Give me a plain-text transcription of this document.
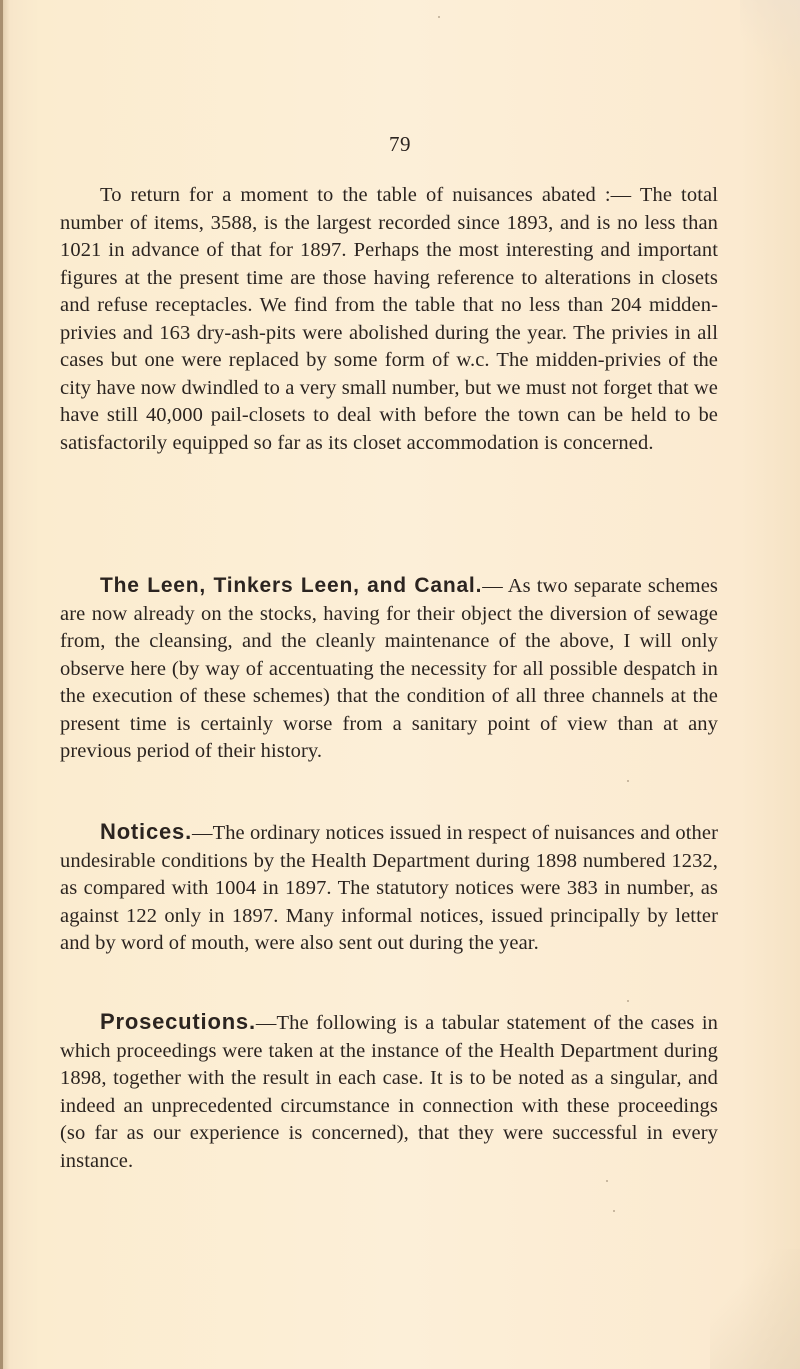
79

To return for a moment to the table of nuisances abated :— The total number of items, 3588, is the largest recorded since 1893, and is no less than 1021 in advance of that for 1897. Perhaps the most interesting and important figures at the present time are those having reference to alterations in closets and refuse receptacles. We find from the table that no less than 204 midden-privies and 163 dry-ash-pits were abolished during the year. The privies in all cases but one were replaced by some form of w.c. The midden-privies of the city have now dwindled to a very small number, but we must not forget that we have still 40,000 pail-closets to deal with before the town can be held to be satisfactorily equipped so far as its closet accommodation is concerned.

The Leen, Tinkers Leen, and Canal.— As two separate schemes are now already on the stocks, having for their object the diversion of sewage from, the cleansing, and the cleanly maintenance of the above, I will only observe here (by way of accentuating the necessity for all possible despatch in the execution of these schemes) that the condition of all three channels at the present time is certainly worse from a sanitary point of view than at any previous period of their history.

Notices.—The ordinary notices issued in respect of nuisances and other undesirable conditions by the Health Department during 1898 numbered 1232, as compared with 1004 in 1897. The statutory notices were 383 in number, as against 122 only in 1897. Many informal notices, issued principally by letter and by word of mouth, were also sent out during the year.

Prosecutions.—The following is a tabular statement of the cases in which proceedings were taken at the instance of the Health Department during 1898, together with the result in each case. It is to be noted as a singular, and indeed an unprecedented circumstance in connection with these proceedings (so far as our experience is concerned), that they were successful in every instance.
